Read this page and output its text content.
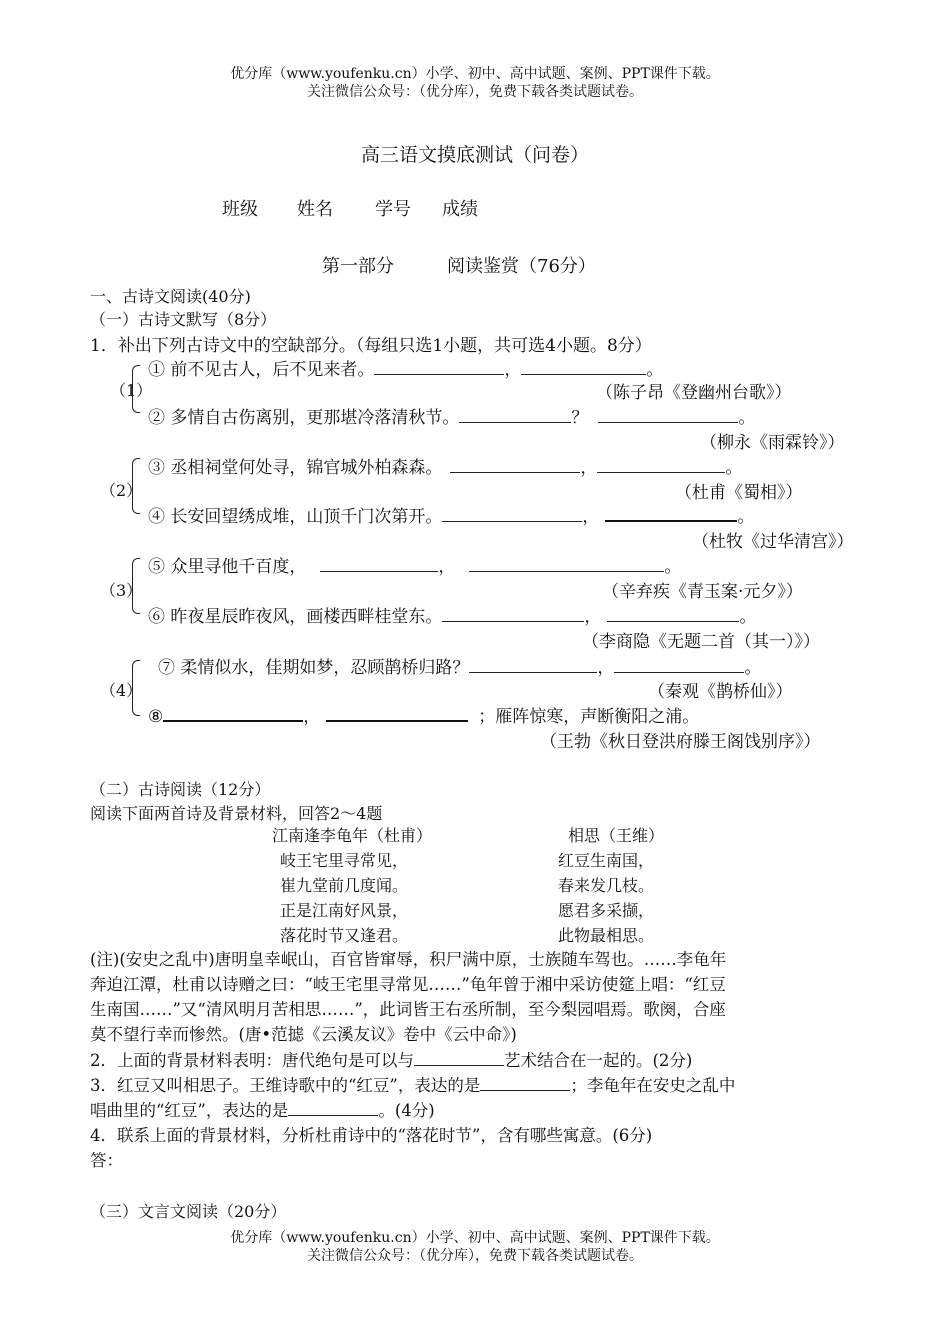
优分库（www.youfenku.cn）小学、初中、高中试题、案例、PPT课件下载。
关注微信公众号：（优分库），免费下载各类试题试卷。
高三语文摸底测试（问卷）
班级 姓名 学号 成绩
第一部分	阅读鉴赏（76分）
一、古诗文阅读(40分)
（一）古诗文默写（8分）
1．补出下列古诗文中的空缺部分。（每组只选1小题，共可选4小题。8分）
（1）
① 前不见古人，后不见来者。	，	。
（陈子昂《登幽州台歌》）
② 多情自古伤离别，更那堪冷落清秋节。	？	。
（柳永《雨霖铃》）
（2）
③ 丞相祠堂何处寻，锦官城外柏森森。	，	。
（杜甫《蜀相》）
④ 长安回望绣成堆，山顶千门次第开。	，	。
（杜牧《过华清宫》）
（3）
⑤ 众里寻他千百度，	，	。
（辛弃疾《青玉案·元夕》）
⑥ 昨夜星辰昨夜风，画楼西畔桂堂东。	，	。
（李商隐《无题二首（其一）》）
（4）
⑦ 柔情似水，佳期如梦，忍顾鹊桥归路？	，	。
（秦观《鹊桥仙》）
⑧	，	；雁阵惊寒，声断衡阳之浦。
（王勃《秋日登洪府滕王阁饯别序》）
（二）古诗阅读（12分）
阅读下面两首诗及背景材料，回答2～4题
江南逢李龟年（杜甫）
岐王宅里寻常见，
崔九堂前几度闻。
正是江南好风景，
落花时节又逢君。
相思（王维）
红豆生南国，
春来发几枝。
愿君多采撷，
此物最相思。
(注)(安史之乱中)唐明皇幸岷山，百官皆窜辱，积尸满中原，士族随车驾也。……李龟年
奔迫江潭，杜甫以诗赠之曰：“岐王宅里寻常见……”龟年曾于湘中采访使筵上唱：“红豆
生南国……”又“清风明月苦相思……”，此词皆王右丞所制，至今梨园唱焉。歌阕，合座
莫不望行幸而惨然。(唐•范摅《云溪友议》卷中《云中命》)
2．上面的背景材料表明：唐代绝句是可以与	艺术结合在一起的。(2分)
3．红豆又叫相思子。王维诗歌中的“红豆”，表达的是	；李龟年在安史之乱中
唱曲里的“红豆”，表达的是	。(4分)
4．联系上面的背景材料，分析杜甫诗中的“落花时节”，含有哪些寓意。(6分)
答：
（三）文言文阅读（20分）
优分库（www.youfenku.cn）小学、初中、高中试题、案例、PPT课件下载。
关注微信公众号：（优分库），免费下载各类试题试卷。
